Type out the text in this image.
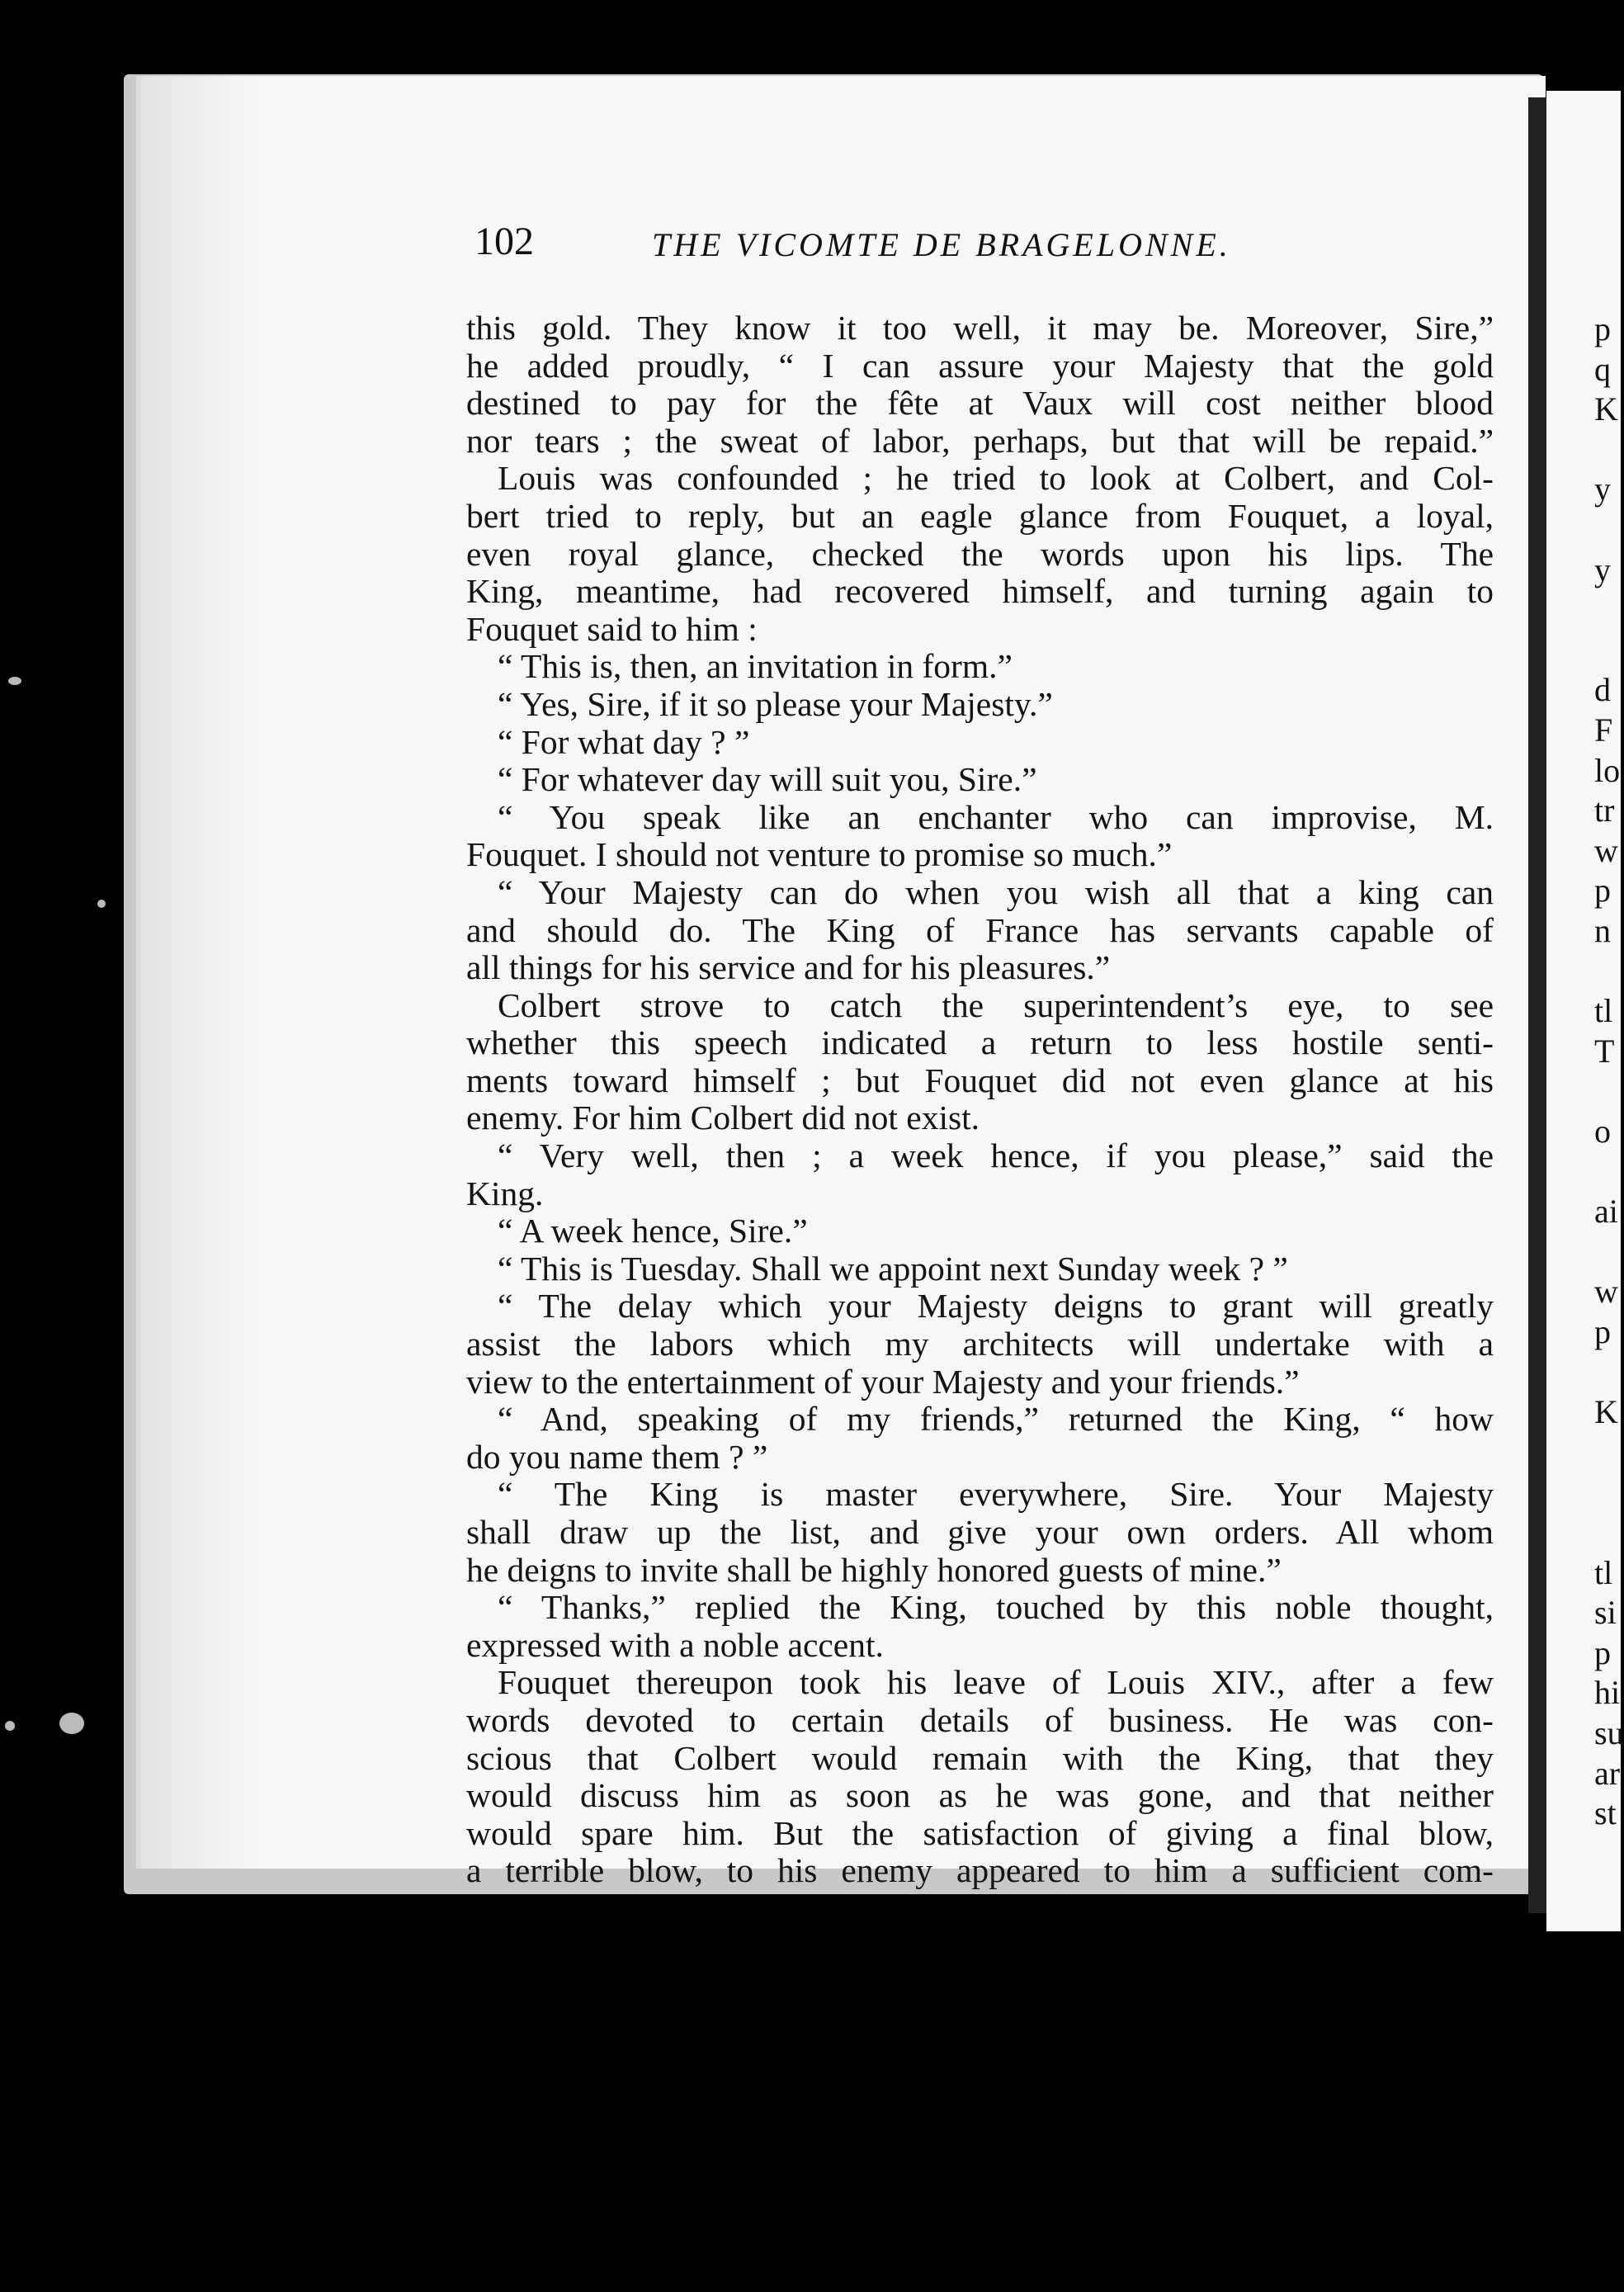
102	THE VICOMTE DE BRAGELONNE.
this gold. They know it too well, it may be. Moreover, Sire,”
he added proudly, “ I can assure your Majesty that the gold
destined to pay for the fête at Vaux will cost neither blood
nor tears ; the sweat of labor, perhaps, but that will be repaid.”
Louis was confounded ; he tried to look at Colbert, and Col-
bert tried to reply, but an eagle glance from Fouquet, a loyal,
even royal glance, checked the words upon his lips. The
King, meantime, had recovered himself, and turning again to
Fouquet said to him :
“ This is, then, an invitation in form.”
“ Yes, Sire, if it so please your Majesty.”
“ For what day ? ”
“ For whatever day will suit you, Sire.”
“ You speak like an enchanter who can improvise, M.
Fouquet. I should not venture to promise so much.”
“ Your Majesty can do when you wish all that a king can
and should do. The King of France has servants capable of
all things for his service and for his pleasures.”
Colbert strove to catch the superintendent’s eye, to see
whether this speech indicated a return to less hostile senti-
ments toward himself ; but Fouquet did not even glance at his
enemy. For him Colbert did not exist.
“ Very well, then ; a week hence, if you please,” said the
King.
“ A week hence, Sire.”
“ This is Tuesday. Shall we appoint next Sunday week ? ”
“ The delay which your Majesty deigns to grant will greatly
assist the labors which my architects will undertake with a
view to the entertainment of your Majesty and your friends.”
“ And, speaking of my friends,” returned the King, “ how
do you name them ? ”
“ The King is master everywhere, Sire. Your Majesty
shall draw up the list, and give your own orders. All whom
he deigns to invite shall be highly honored guests of mine.”
“ Thanks,” replied the King, touched by this noble thought,
expressed with a noble accent.
Fouquet thereupon took his leave of Louis XIV., after a few
words devoted to certain details of business. He was con-
scious that Colbert would remain with the King, that they
would discuss him as soon as he was gone, and that neither
would spare him. But the satisfaction of giving a final blow,
a terrible blow, to his enemy appeared to him a sufficient com-
p
q
K
y
y
d
F
lo
tr
w
p
n
tl
T
o
ai
w
p
K
tl
si
p
hi
su
ar
st
